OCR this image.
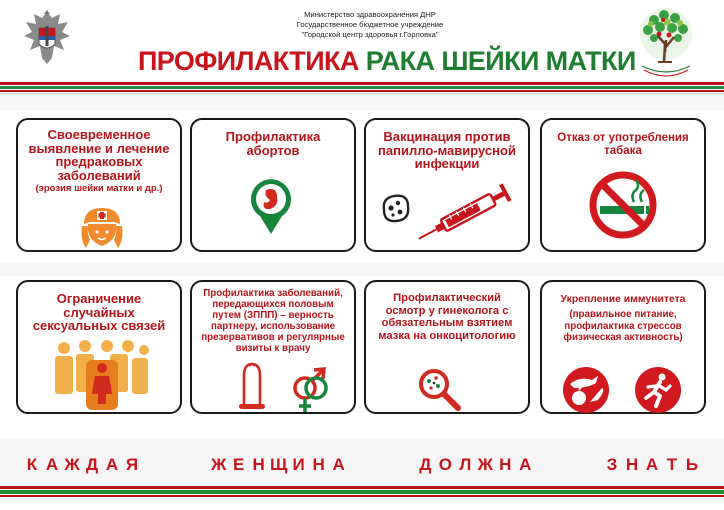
Министерство здравоохранения ДНР
Государственное бюджетное учреждение
"Городской центр здоровья г.Горловка"
ПРОФИЛАКТИКА РАКА ШЕЙКИ МАТКИ
Своевременное выявление и лечение предраковых заболеваний
(эрозия шейки матки и др.)
Профилактика абортов
Вакцинация против папилло-мавирусной инфекции
Отказ от употребления табака
Ограничение случайных сексуальных связей
Профилактика заболеваний, передающихся половым путем (ЗППП) – верность партнеру, использование презервативов и регулярные визиты к врачу
Профилактический осмотр у гинеколога с обязательным взятием мазка на онкоцитологию
Укрепление иммунитета
(правильное питание, профилактика стрессов физическая активность)
К А Ж Д А Я	Ж Е Н Щ И Н А	Д О Л Ж Н А	З Н А Т Ь
